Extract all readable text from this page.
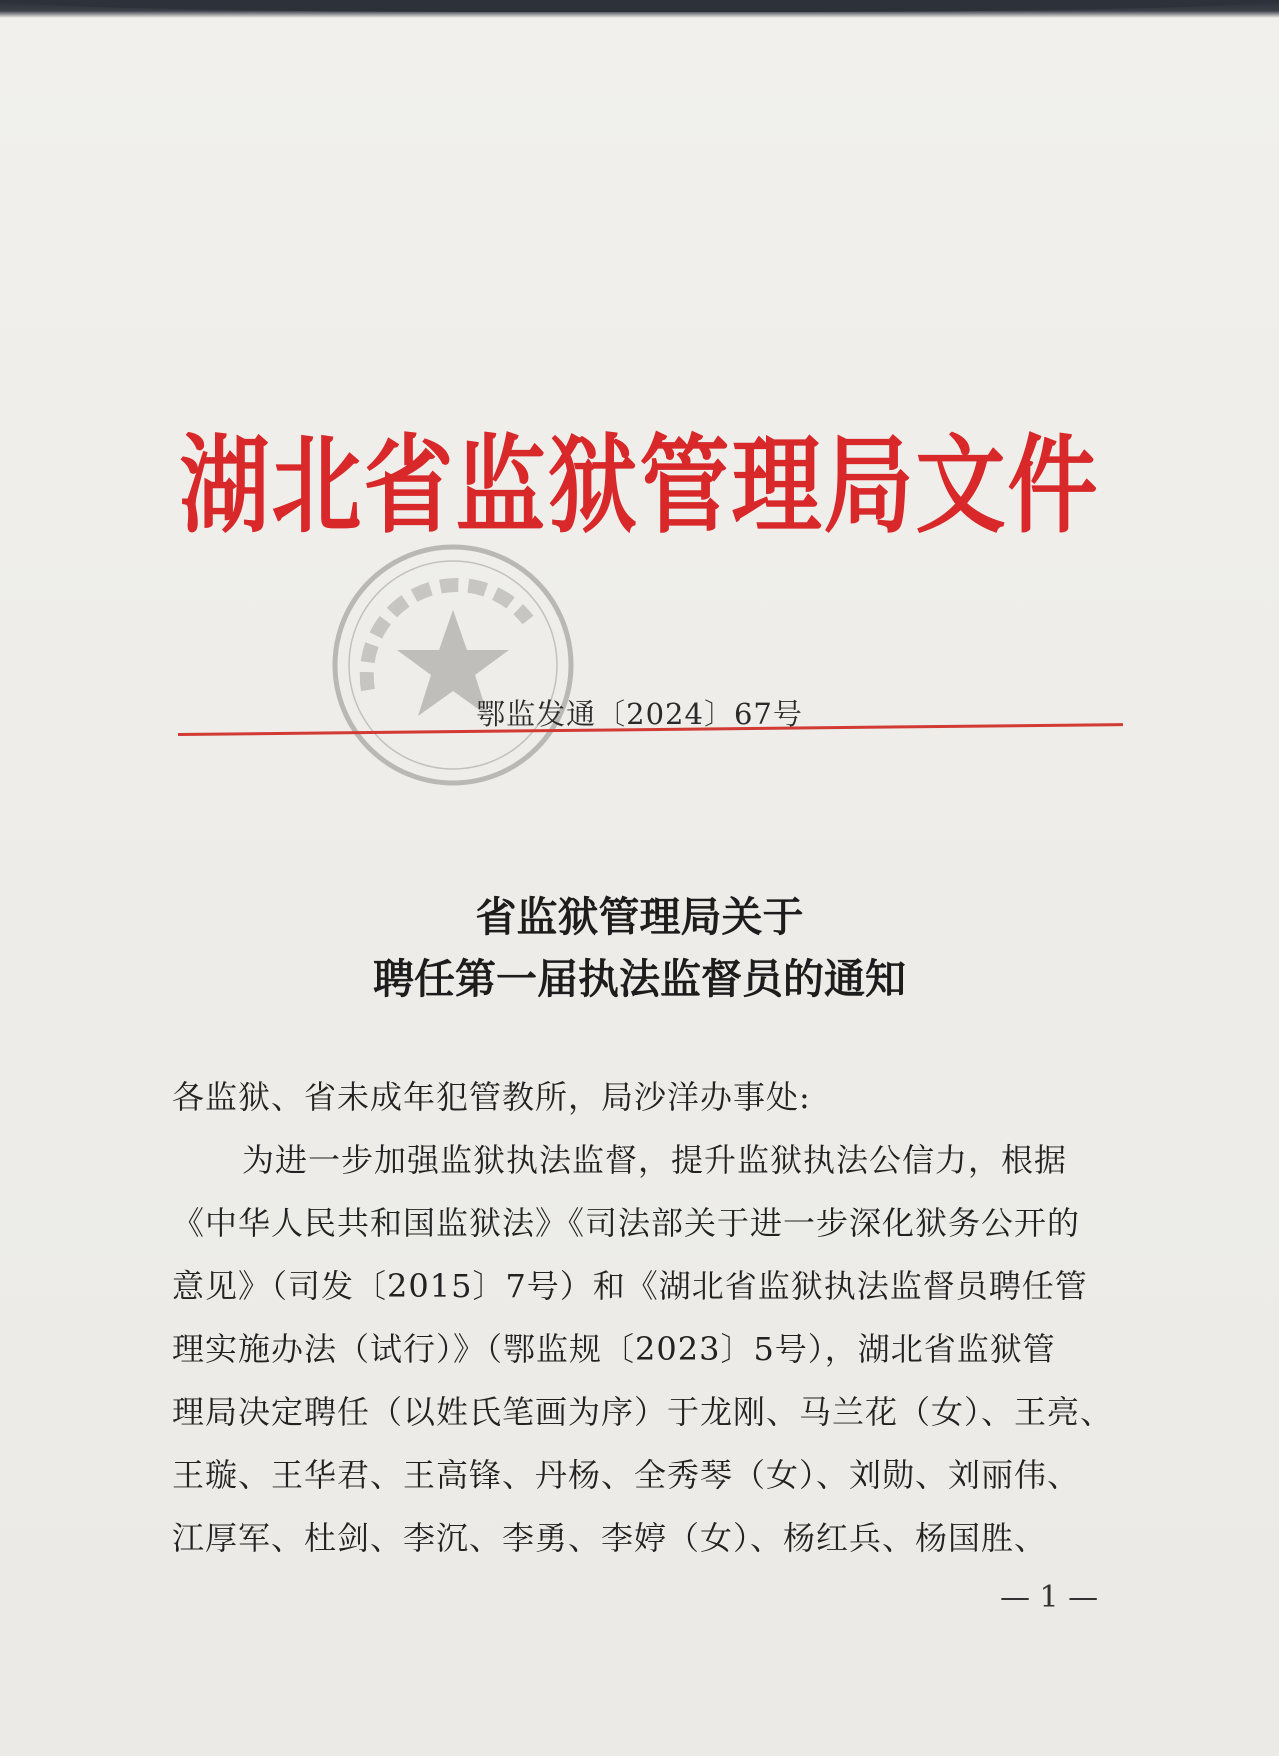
湖北省监狱管理局文件
鄂监发通〔2024〕67号
省监狱管理局关于
聘任第一届执法监督员的通知
各监狱、省未成年犯管教所，局沙洋办事处:
为进一步加强监狱执法监督，提升监狱执法公信力，根据
《中华人民共和国监狱法》《司法部关于进一步深化狱务公开的
意见》（司发〔2015〕7号）和《湖北省监狱执法监督员聘任管
理实施办法（试行）》（鄂监规〔2023〕5号），湖北省监狱管
理局决定聘任（以姓氏笔画为序）于龙刚、马兰花（女）、王亮、
王璇、王华君、王高锋、丹杨、全秀琴（女）、刘勋、刘丽伟、
江厚军、杜剑、李沉、李勇、李婷（女）、杨红兵、杨国胜、
— 1 —
